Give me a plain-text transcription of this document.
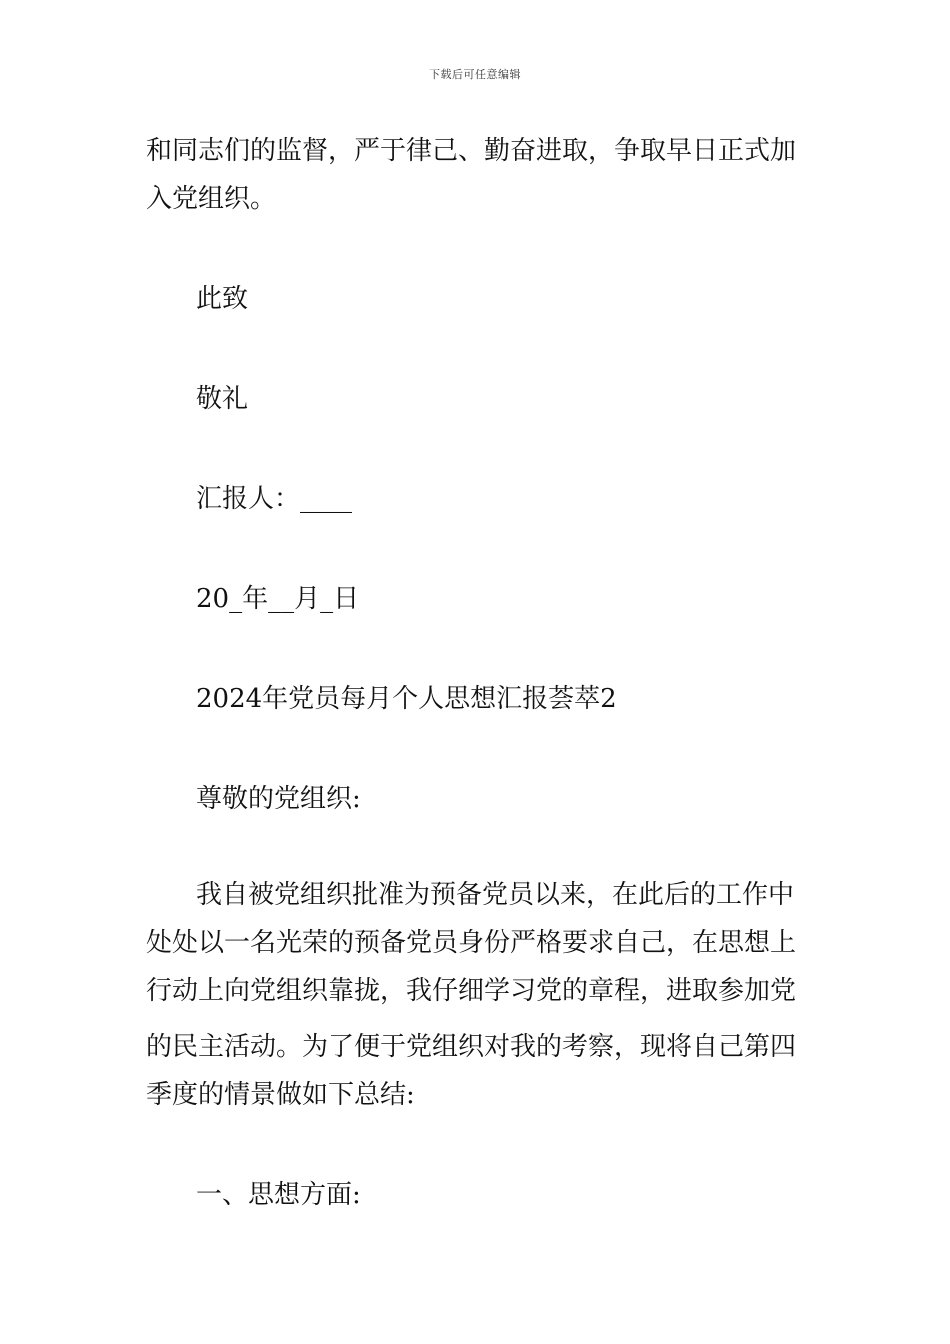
下载后可任意编辑
和同志们的监督，严于律己、勤奋进取，争取早日正式加
入党组织。
此致
敬礼
汇报人：____
20_年__月_日
2024年党员每月个人思想汇报荟萃2
尊敬的党组织:
我自被党组织批准为预备党员以来，在此后的工作中
处处以一名光荣的预备党员身份严格要求自己，在思想上
行动上向党组织靠拢，我仔细学习党的章程，进取参加党
的民主活动。为了便于党组织对我的考察，现将自己第四
季度的情景做如下总结:
一、思想方面:
